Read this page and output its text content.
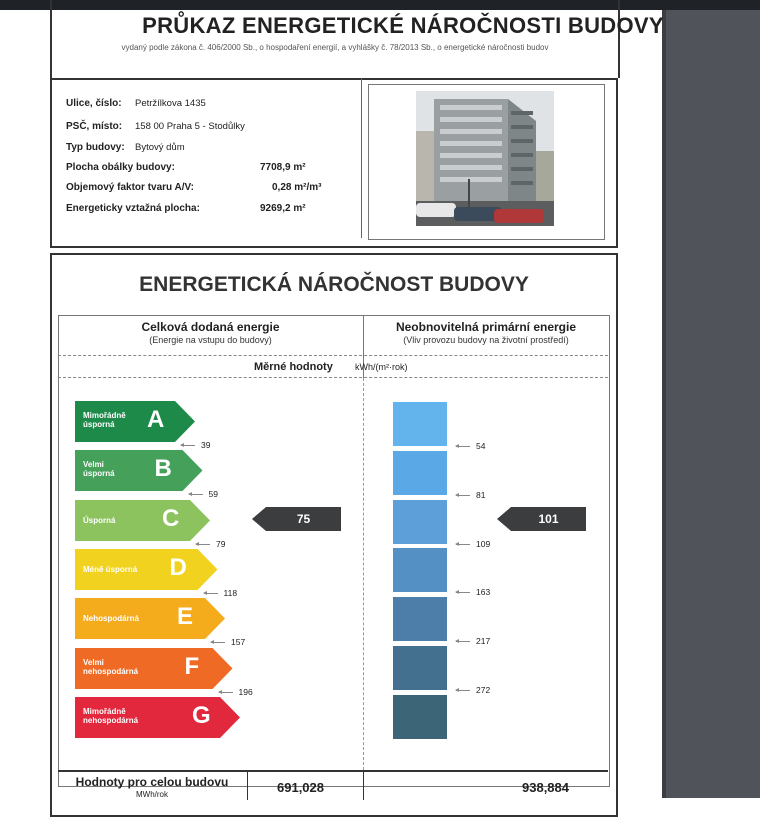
PRŮKAZ ENERGETICKÉ NÁROČNOSTI BUDOVY
vydaný podle zákona č. 406/2000 Sb., o hospodaření energií, a vyhlášky č. 78/2013 Sb., o energetické náročnosti budov
Ulice, číslo: Petržílkova 1435
PSČ, místo: 158 00 Praha 5 - Stodůlky
Typ budovy: Bytový dům
Plocha obálky budovy:	7708,9 m²
Objemový faktor tvaru A/V:	0,28 m²/m³
Energeticky vztažná plocha:	9269,2 m²
ENERGETICKÁ NÁROČNOST BUDOVY
Celková dodaná energie
(Energie na vstupu do budovy)
Neobnovitelná primární energie
(Vliv provozu budovy na životní prostředí)
Měrné hodnoty kWh/(m²·rok)
Mimořádně
úsporná	A
Velmi
úsporná B
Úsporná C
Méně úsporná D
Nehospodárná E
Velmi
nehospodárná F
Mimořádně
nehospodárná G
39
59
79
118
157
196
54
81
109
163
217
272
75	101
Hodnoty pro celou budovu
MWh/rok	691,028	938,884
